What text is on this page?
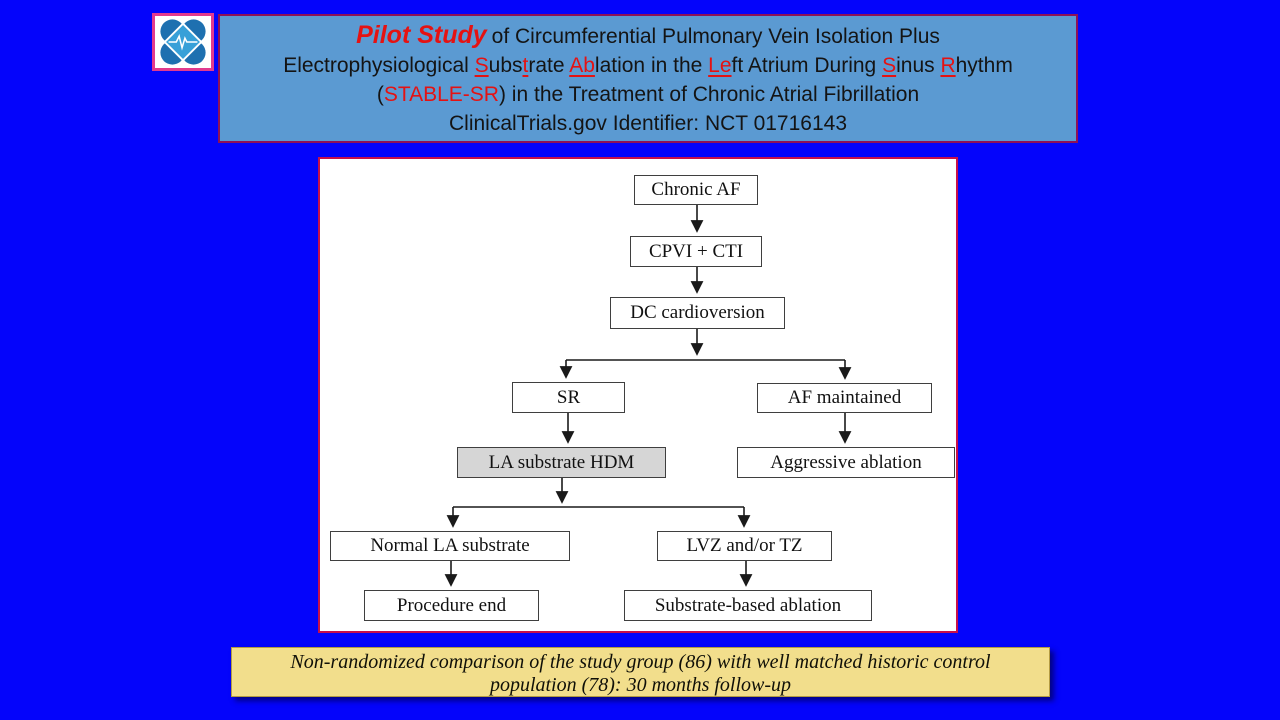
Pilot Study of Circumferential Pulmonary Vein Isolation Plus
Electrophysiological Substrate Ablation in the Left Atrium During Sinus Rhythm
(STABLE-SR) in the Treatment of Chronic Atrial Fibrillation
ClinicalTrials.gov Identifier: NCT 01716143
Chronic AF
CPVI + CTI
DC cardioversion
SR	AF maintained
LA substrate HDM	Aggressive ablation
Normal LA substrate	LVZ and/or TZ
Procedure end	Substrate-based ablation
Non-randomized comparison of the study group (86) with well matched historic control
population (78): 30 months follow-up
